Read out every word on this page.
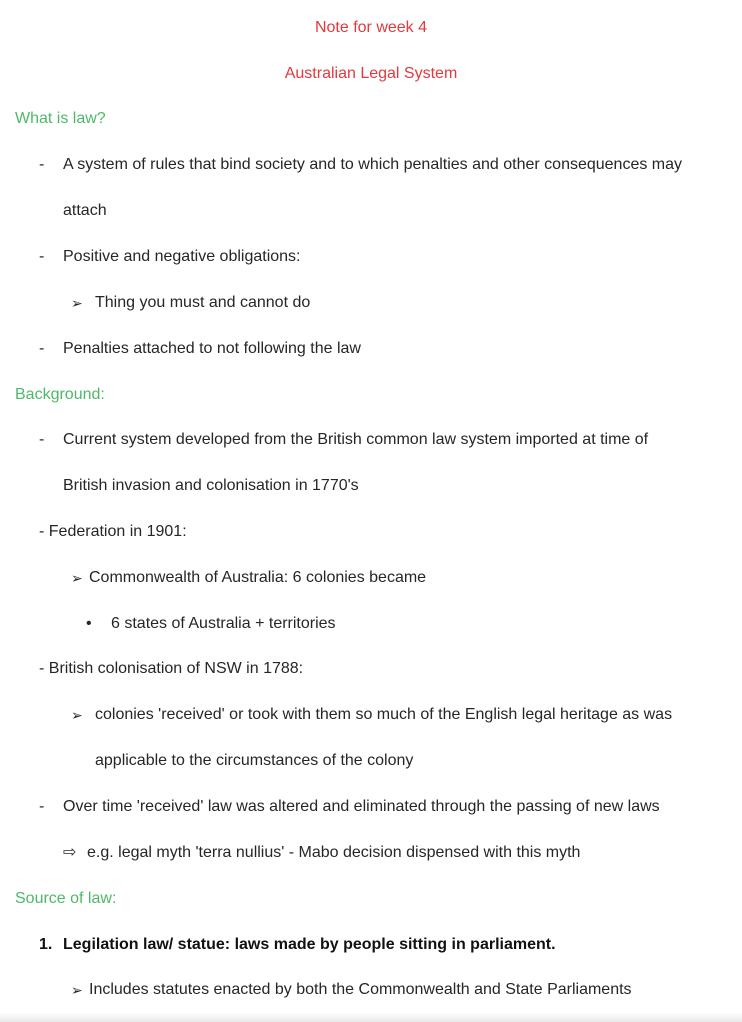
Note for week 4
Australian Legal System
What is law?
- A system of rules that bind society and to which penalties and other consequences may
attach
- Positive and negative obligations:
➢ Thing you must and cannot do
- Penalties attached to not following the law
Background:
- Current system developed from the British common law system imported at time of
British invasion and colonisation in 1770's
- Federation in 1901:
➢ Commonwealth of Australia: 6 colonies became
• 6 states of Australia + territories
- British colonisation of NSW in 1788:
➢ colonies 'received' or took with them so much of the English legal heritage as was
applicable to the circumstances of the colony
- Over time 'received' law was altered and eliminated through the passing of new laws
⇨ e.g. legal myth 'terra nullius' - Mabo decision dispensed with this myth
Source of law:
1. Legilation law/ statue: laws made by people sitting in parliament.
➢ Includes statutes enacted by both the Commonwealth and State Parliaments
